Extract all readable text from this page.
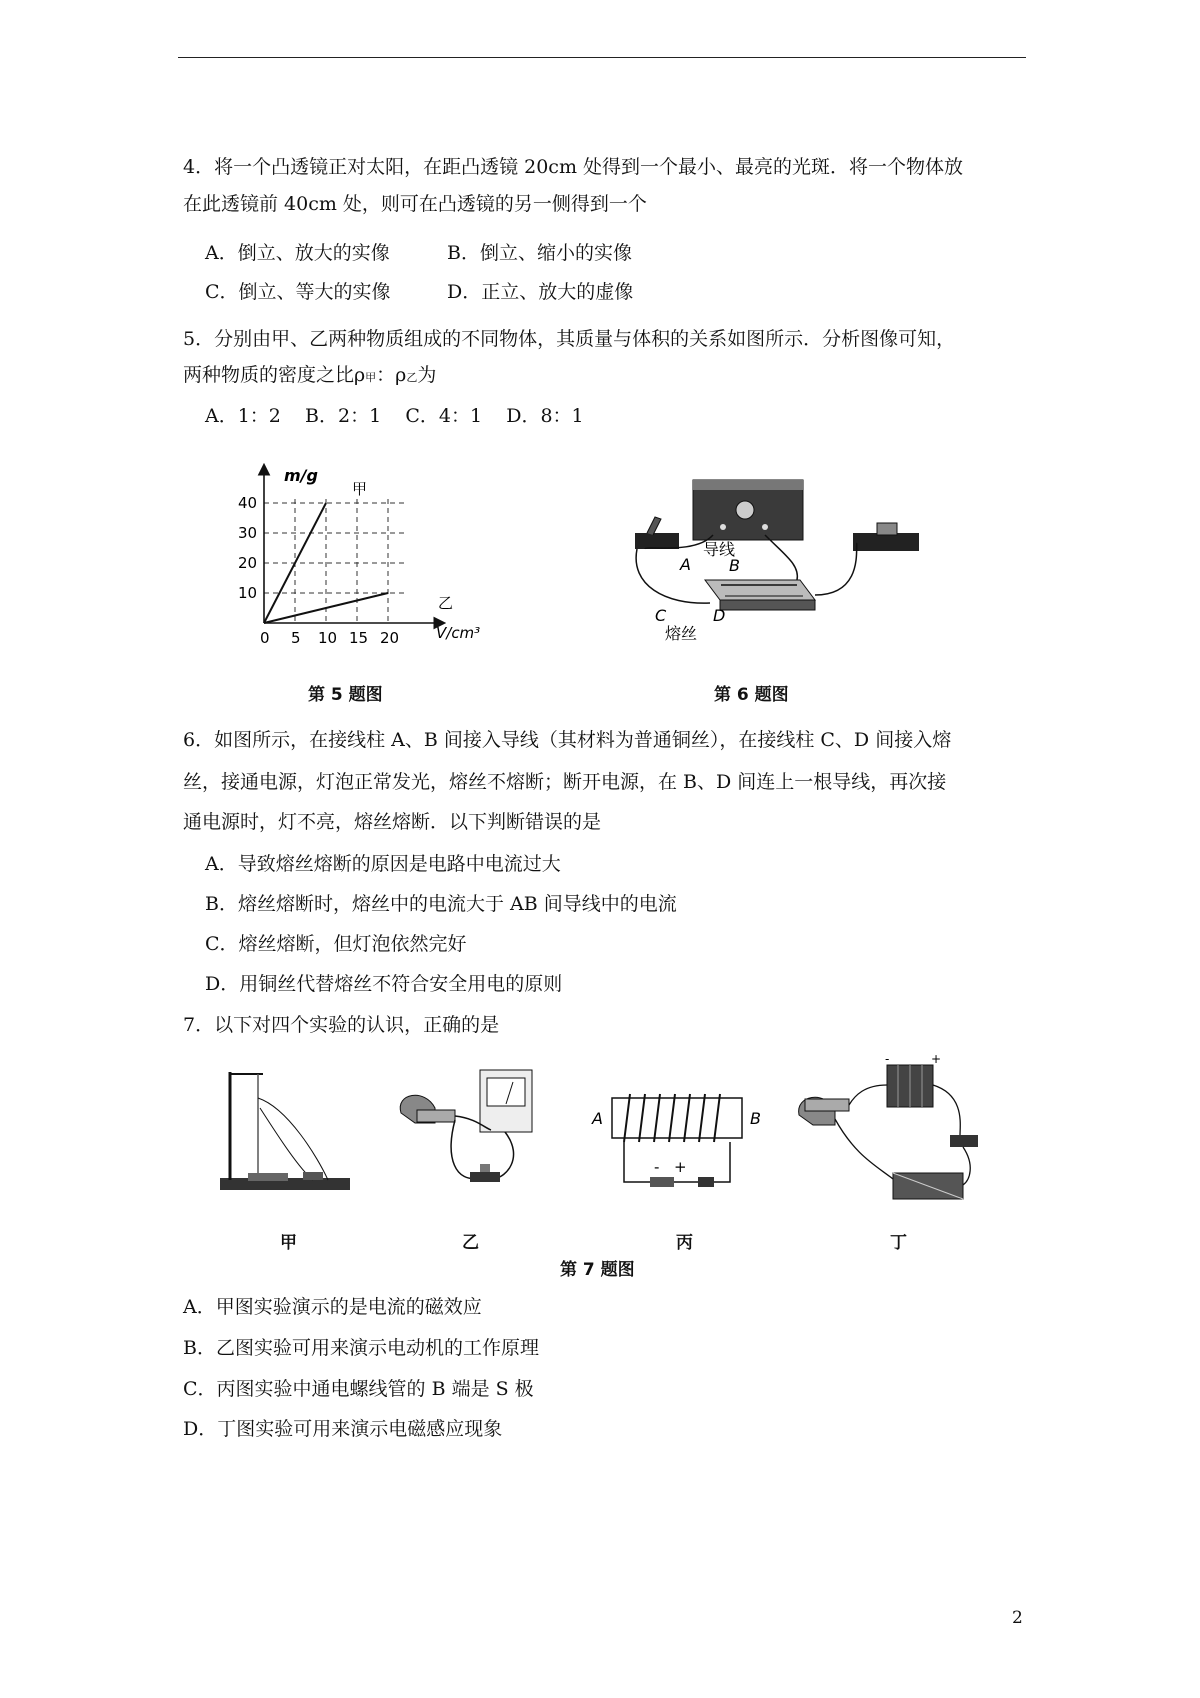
4．将一个凸透镜正对太阳，在距凸透镜 20cm 处得到一个最小、最亮的光斑．将一个物体放
在此透镜前 40cm 处，则可在凸透镜的另一侧得到一个
A．倒立、放大的实像	B．倒立、缩小的实像
C．倒立、等大的实像	D．正立、放大的虚像
5．分别由甲、乙两种物质组成的不同物体，其质量与体积的关系如图所示．分析图像可知，
两种物质的密度之比ρ甲：ρ乙为
A．1：2    B．2：1    C．4：1    D．8：1
0 5 10 15 20
10
20
30
40
m/g
V/cm³
甲
乙
第 5 题图
导线
A B
C	D
熔丝
第 6 题图
6．如图所示，在接线柱 A、B 间接入导线（其材料为普通铜丝），在接线柱 C、D 间接入熔
丝，接通电源，灯泡正常发光，熔丝不熔断；断开电源，在 B、D 间连上一根导线，再次接
通电源时，灯不亮，熔丝熔断．以下判断错误的是
A．导致熔丝熔断的原因是电路中电流过大
B．熔丝熔断时，熔丝中的电流大于 AB 间导线中的电流
C．熔丝熔断，但灯泡依然完好
D．用铜丝代替熔丝不符合安全用电的原则
7．以下对四个实验的认识，正确的是
A	B
- +
-	+
甲	乙	丙	丁
第 7 题图
A．甲图实验演示的是电流的磁效应
B．乙图实验可用来演示电动机的工作原理
C．丙图实验中通电螺线管的 B 端是 S 极
D．丁图实验可用来演示电磁感应现象
2
